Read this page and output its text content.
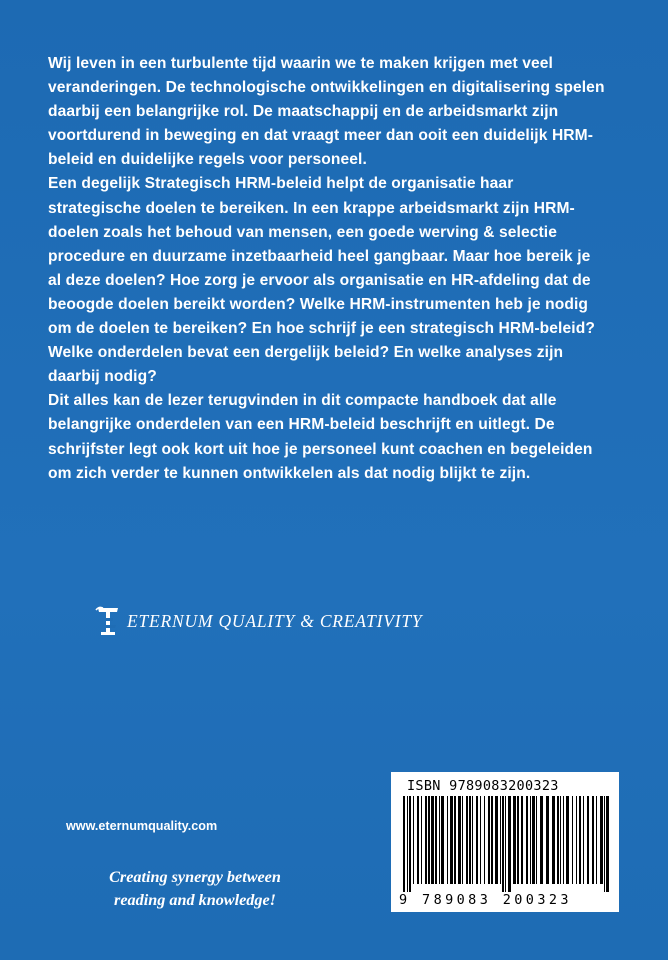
Wij leven in een turbulente tijd waarin we te maken krijgen met veel veranderingen. De technologische ontwikkelingen en digitalisering spelen daarbij een belangrijke rol. De maatschappij en de arbeidsmarkt zijn voortdurend in beweging en dat vraagt meer dan ooit een duidelijk HRM-beleid en duidelijke regels voor personeel.

Een degelijk Strategisch HRM-beleid helpt de organisatie haar strategische doelen te bereiken. In een krappe arbeidsmarkt zijn HRM-doelen zoals het behoud van mensen, een goede werving & selectie procedure en duurzame inzetbaarheid heel gangbaar. Maar hoe bereik je al deze doelen? Hoe zorg je ervoor als organisatie en HR-afdeling dat de beoogde doelen bereikt worden? Welke HRM-instrumenten heb je nodig om de doelen te bereiken? En hoe schrijf je een strategisch HRM-beleid? Welke onderdelen bevat een dergelijk beleid? En welke analyses zijn daarbij nodig?

Dit alles kan de lezer terugvinden in dit compacte handboek dat alle belangrijke onderdelen van een HRM-beleid beschrijft en uitlegt. De schrijfster legt ook kort uit hoe je personeel kunt coachen en begeleiden om zich verder te kunnen ontwikkelen als dat nodig blijkt te zijn.

ETERNUM QUALITY & CREATIVITY
www.eternumquality.com
Creating synergy between
reading and knowledge!
ISBN 9789083200323
9 789083 200323
